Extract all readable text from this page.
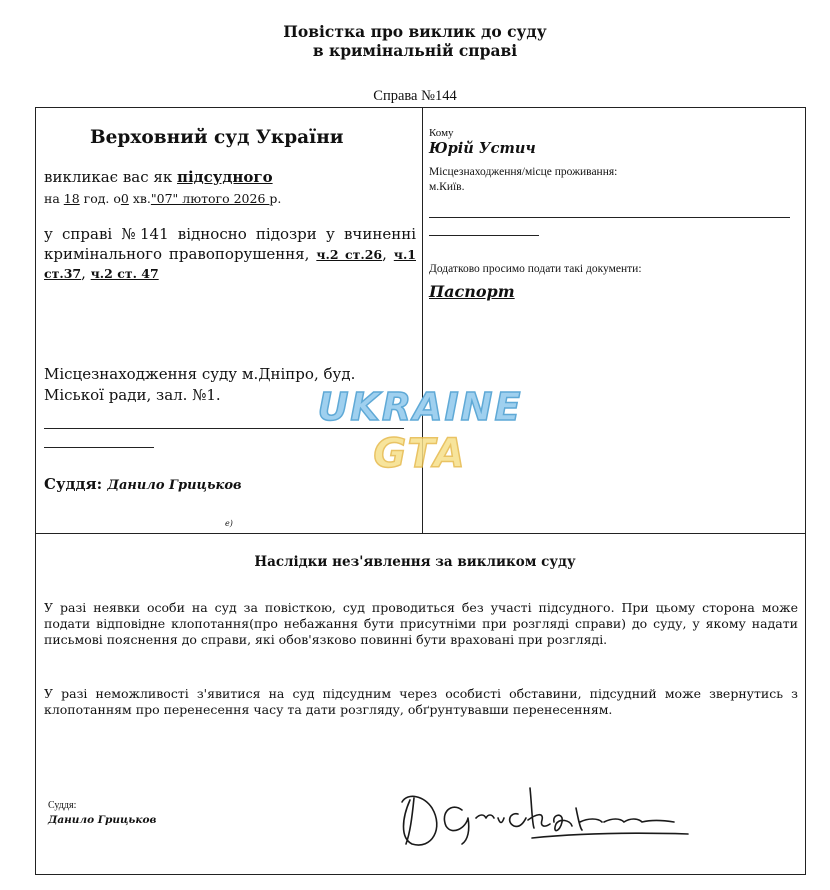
Повістка про виклик до суду
в кримінальній справі
Справа №144
Верховний суд України
викликає вас як підсудного
на 18 год. о0 хв."07" лютого 2026 р.
у справі №141 відносно підозри у вчиненні кримінального правопорушення, ч.2 ст.26, ч.1 ст.37, ч.2 ст. 47
Місцезнаходження суду м.Дніпро, буд. Міської ради, зал. №1.
Суддя: Данило Грицьков
e)
Кому
Юрій Устич
Місцезнаходження/місце проживання:
м.Київ.
Додатково просимо подати такі документи:
Паспорт
UKRAINE
GTA
Наслідки нез'явлення за викликом суду
У разі неявки особи на суд за повісткою, суд проводиться без участі підсудного. При цьому сторона може подати відповідне клопотання(про небажання бути присутніми при розгляді справи) до суду, у якому надати письмові пояснення до справи, які обов'язково повинні бути враховані при розгляді.
У разі неможливості з'явитися на суд підсудним через особисті обставини, підсудний може звернутись з клопотанням про перенесення часу та дати розгляду, обґрунтувавши перенесенням.
Суддя:
Данило Грицьков
